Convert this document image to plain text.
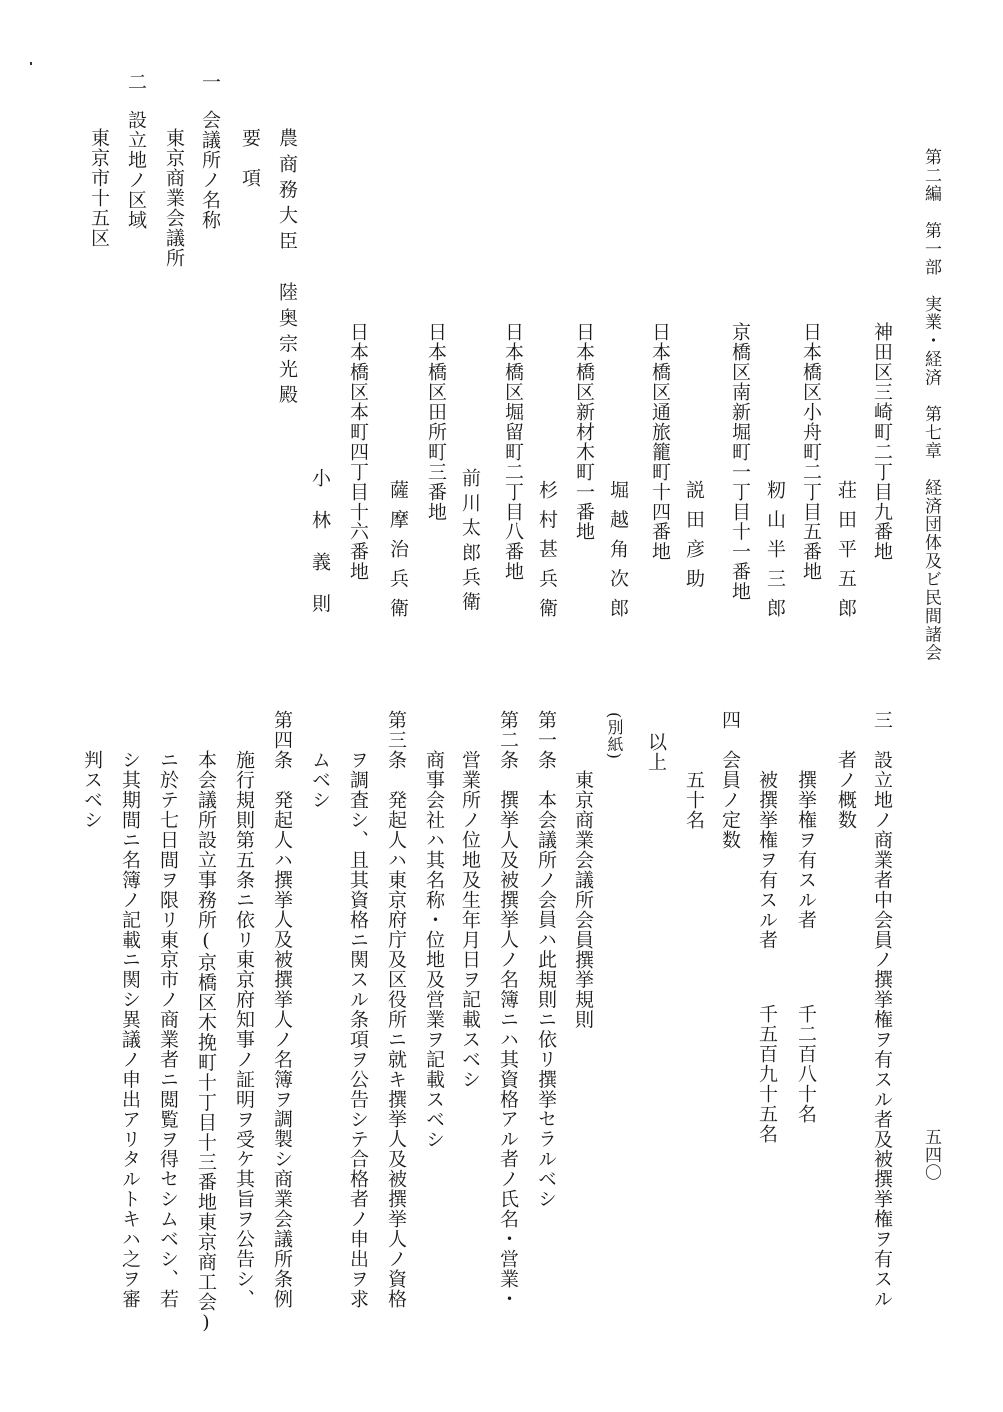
第二編　第一部　実業・経済　第七章　経済団体及ビ民間諸会
五四〇
神田区三崎町二丁目九番地
荘田平五郎
日本橋区小舟町二丁目五番地
籾山半三郎
京橋区南新堀町一丁目十一番地
説田彦助
日本橋区通旅籠町十四番地
堀越角次郎
日本橋区新材木町一番地
杉村甚兵衛
日本橋区堀留町二丁目八番地
前川太郎兵衛
日本橋区田所町三番地
薩摩治兵衛
日本橋区本町四丁目十六番地
小林義則
農商務大臣　陸奥宗光殿
要　項
一
会議所ノ名称
東京商業会議所
二
設立地ノ区域
東京市十五区
三
設立地ノ商業者中会員ノ撰挙権ヲ有スル者及被撰挙権ヲ有スル
者ノ概数
撰挙権ヲ有スル者
千二百八十名
被撰挙権ヲ有スル者
千五百九十五名
四
会員ノ定数
五十名
以上
(別紙)
東京商業会議所会員撰挙規則
第一条　本会議所ノ会員ハ此規則ニ依リ撰挙セラルベシ
第二条　撰挙人及被撰挙人ノ名簿ニハ其資格アル者ノ氏名・営業・
営業所ノ位地及生年月日ヲ記載スベシ
商事会社ハ其名称・位地及営業ヲ記載スベシ
第三条　発起人ハ東京府庁及区役所ニ就キ撰挙人及被撰挙人ノ資格
ヲ調査シ、且其資格ニ関スル条項ヲ公告シテ合格者ノ申出ヲ求
ムベシ
第四条　発起人ハ撰挙人及被撰挙人ノ名簿ヲ調製シ商業会議所条例
施行規則第五条ニ依リ東京府知事ノ証明ヲ受ケ其旨ヲ公告シ、
本会議所設立事務所(京橋区木挽町十丁目十三番地東京商工会)
ニ於テ七日間ヲ限リ東京市ノ商業者ニ閲覧ヲ得セシムベシ、若
シ其期間ニ名簿ノ記載ニ関シ異議ノ申出アリタルトキハ之ヲ審
判スベシ
